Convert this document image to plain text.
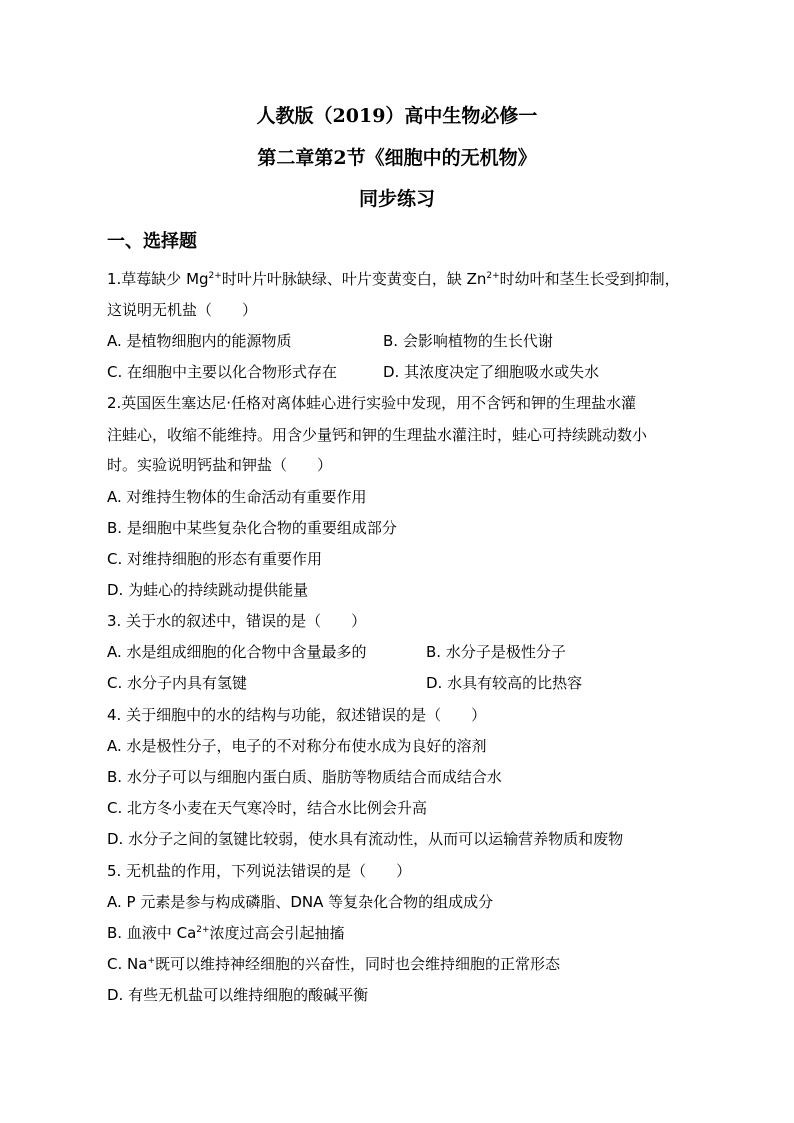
人教版（2019）高中生物必修一
第二章第2节《细胞中的无机物》
同步练习
一、选择题
1.草莓缺少 $Mg^{2+}$时叶片叶脉缺绿、叶片变黄变白，缺 $Zn^{2+}$时幼叶和茎生长受到抑制，
这说明无机盐（　　）
A. 是植物细胞内的能源物质	B. 会影响植物的生长代谢
C. 在细胞中主要以化合物形式存在	D. 其浓度决定了细胞吸水或失水
2.英国医生塞达尼·任格对离体蛙心进行实验中发现，用不含钙和钾的生理盐水灌
注蛙心，收缩不能维持。用含少量钙和钾的生理盐水灌注时，蛙心可持续跳动数小
时。实验说明钙盐和钾盐（　　）
A. 对维持生物体的生命活动有重要作用
B. 是细胞中某些复杂化合物的重要组成部分
C. 对维持细胞的形态有重要作用
D. 为蛙心的持续跳动提供能量
3. 关于水的叙述中，错误的是（　　）
A. 水是组成细胞的化合物中含量最多的	B. 水分子是极性分子
C. 水分子内具有氢键	D. 水具有较高的比热容
4. 关于细胞中的水的结构与功能，叙述错误的是（　　）
A. 水是极性分子，电子的不对称分布使水成为良好的溶剂
B. 水分子可以与细胞内蛋白质、脂肪等物质结合而成结合水
C. 北方冬小麦在天气寒冷时，结合水比例会升高
D. 水分子之间的氢键比较弱，使水具有流动性，从而可以运输营养物质和废物
5. 无机盐的作用，下列说法错误的是（　　）
A. P 元素是参与构成磷脂、DNA 等复杂化合物的组成成分
B. 血液中 $Ca^{2+}$浓度过高会引起抽搐
C. Na+既可以维持神经细胞的兴奋性，同时也会维持细胞的正常形态
D. 有些无机盐可以维持细胞的酸碱平衡
